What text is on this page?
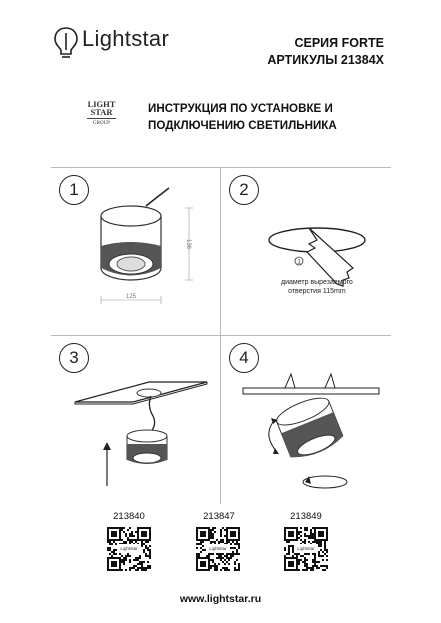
Lightstar	СЕРИЯ FORTE
АРТИКУЛЫ 21384X
LIGHT
STAR
GROUP
ИНСТРУКЦИЯ ПО УСТАНОВКЕ И
ПОДКЛЮЧЕНИЮ СВЕТИЛЬНИКА
125
136
1
1
диаметр вырезаемого
отверстия 115mm
2
3	4
213840	213847	213849
Lightstar	Lightstar	Lightstar
www.lightstar.ru
